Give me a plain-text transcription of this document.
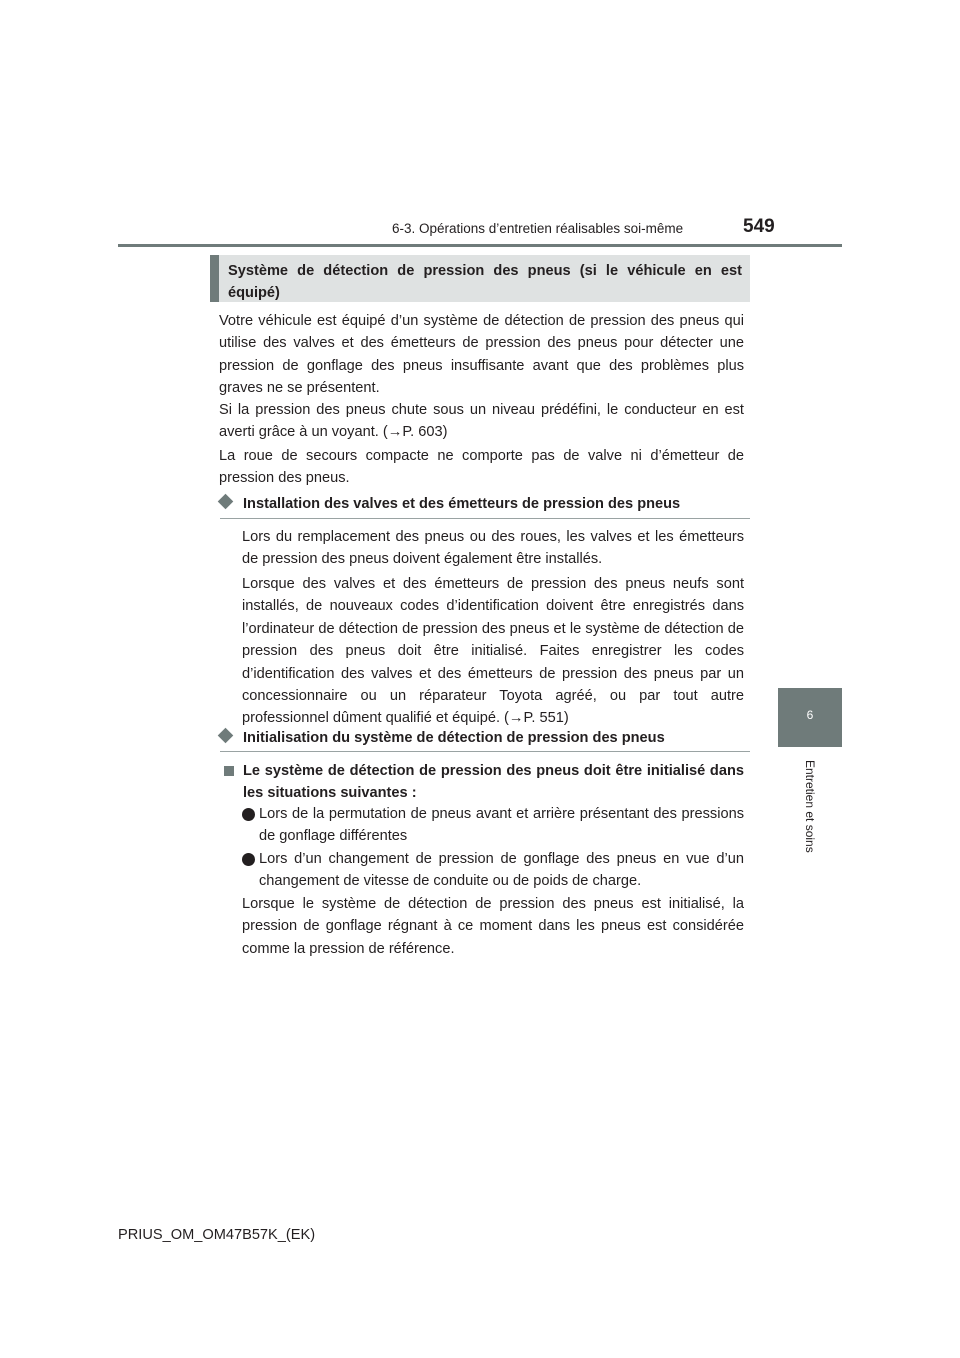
6-3. Opérations d’entretien réalisables soi-même	549
6
Entretien et soins
Système de détection de pression des pneus (si le véhicule en est équipé)

Votre véhicule est équipé d’un système de détection de pression des pneus qui utilise des valves et des émetteurs de pression des pneus pour détecter une pression de gonflage des pneus insuffisante avant que des problèmes plus graves ne se présentent.

Si la pression des pneus chute sous un niveau prédéfini, le conducteur en est averti grâce à un voyant. (→P. 603)

La roue de secours compacte ne comporte pas de valve ni d’émetteur de pression des pneus.

Installation des valves et des émetteurs de pression des pneus

Lors du remplacement des pneus ou des roues, les valves et les émetteurs de pression des pneus doivent également être installés.

Lorsque des valves et des émetteurs de pression des pneus neufs sont installés, de nouveaux codes d’identification doivent être enregistrés dans l’ordinateur de détection de pression des pneus et le système de détection de pression des pneus doit être initialisé. Faites enregistrer les codes d’identification des valves et des émetteurs de pression des pneus par un concessionnaire ou un réparateur Toyota agréé, ou par tout autre professionnel dûment qualifié et équipé. (→P. 551)

Initialisation du système de détection de pression des pneus

Le système de détection de pression des pneus doit être initialisé dans les situations suivantes :

Lors de la permutation de pneus avant et arrière présentant des pressions de gonflage différentes

Lors d’un changement de pression de gonflage des pneus en vue d’un changement de vitesse de conduite ou de poids de charge.

Lorsque le système de détection de pression des pneus est initialisé, la pression de gonflage régnant à ce moment dans les pneus est considérée comme la pression de référence.

PRIUS_OM_OM47B57K_(EK)
